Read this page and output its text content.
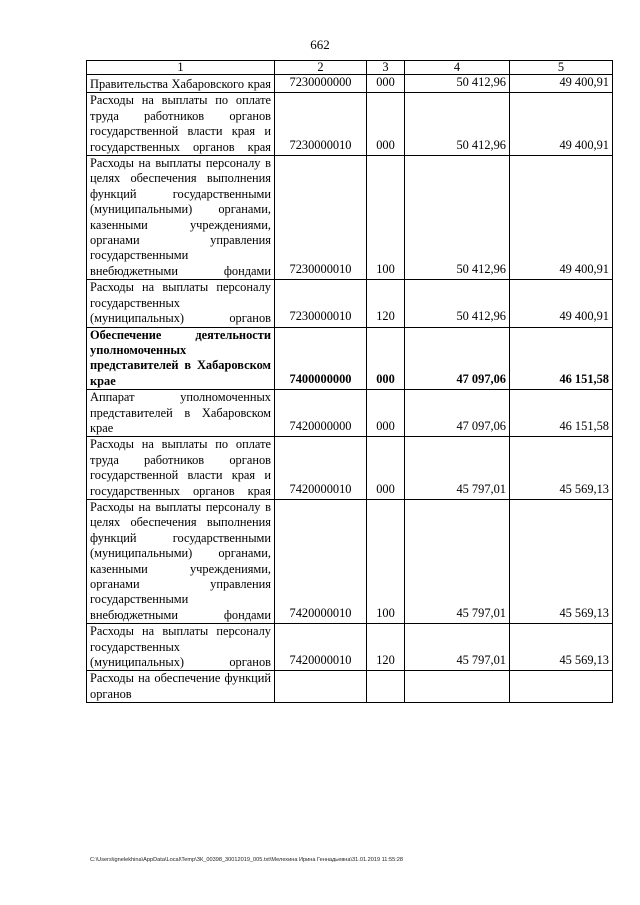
662
1	2	3	4	5
Правительства Хабаровского края	7230000000	000	50 412,96	49 400,91
Расходы на выплаты по оплате труда работников органов государственной власти края и государственных органов края	7230000010	000	50 412,96	49 400,91
Расходы на выплаты персоналу в целях обеспечения выполнения функций государственными (муниципальными) органами, казенными учреждениями, органами управления государственными внебюджетными фондами	7230000010	100	50 412,96	49 400,91
Расходы на выплаты персоналу государственных (муниципальных) органов	7230000010	120	50 412,96	49 400,91
Обеспечение деятельности уполномоченных представителей в Хабаровском крае	7400000000	000	47 097,06	46 151,58
Аппарат уполномоченных представителей в Хабаровском крае	7420000000	000	47 097,06	46 151,58
Расходы на выплаты по оплате труда работников органов государственной власти края и государственных органов края	7420000010	000	45 797,01	45 569,13
Расходы на выплаты персоналу в целях обеспечения выполнения функций государственными (муниципальными) органами, казенными учреждениями, органами управления государственными внебюджетными фондами	7420000010	100	45 797,01	45 569,13
Расходы на выплаты персоналу государственных (муниципальных) органов	7420000010	120	45 797,01	45 569,13
Расходы на обеспечение функций органов				
C:\Users\ignelekhina\AppData\Local\Temp\ЗК_00398_30012019_005.txt\Мелехина Ирина Геннадьевна\31.01.2019 11:55:28
